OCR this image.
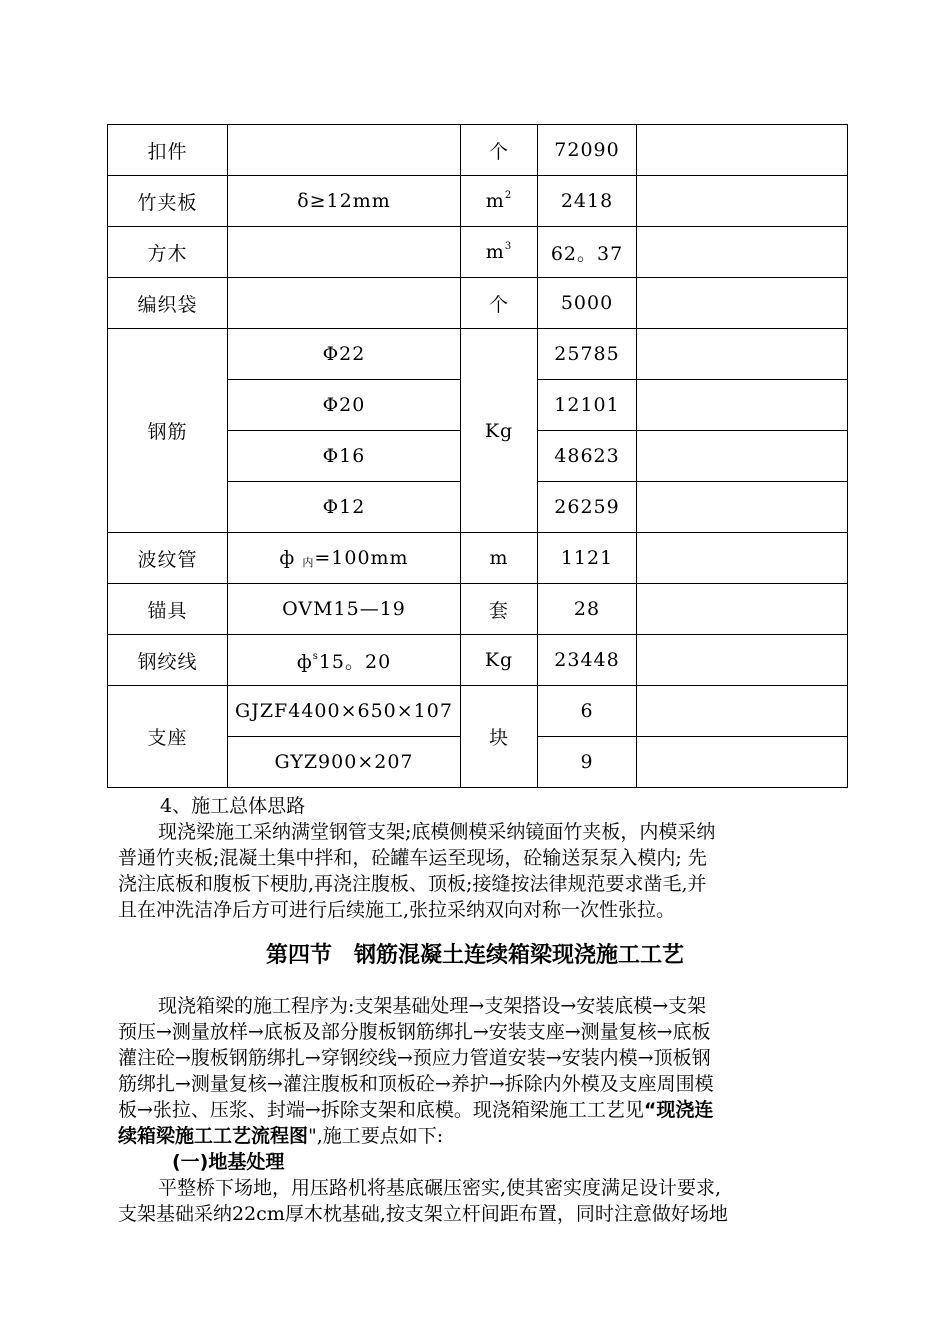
扣件		个	72090	
竹夹板	δ≥12mm	$m^2$	2418	
方木		$m^3$	62。37	
编织袋		个	5000	
钢筋	Φ22	Kg	25785	
	Φ20		12101	
	Φ16		48623	
	Φ12		26259	
波纹管	ф 内=100mm	m	1121	
锚具	OVM15—19	套	28	
钢绞线	$ф^s15$。20	Kg	23448	
支座	GJZF4400×650×107	块	6	
	GYZ900×207		9	
4、施工总体思路
现浇梁施工采纳满堂钢管支架;底模侧模采纳镜面竹夹板，内模采纳
普通竹夹板;混凝土集中拌和，砼罐车运至现场，砼输送泵泵入模内; 先
浇注底板和腹板下梗肋,再浇注腹板、顶板;接缝按法律规范要求凿毛,并
且在冲洗洁净后方可进行后续施工,张拉采纳双向对称一次性张拉。
第四节　钢筋混凝土连续箱梁现浇施工工艺
现浇箱梁的施工程序为:支架基础处理→支架搭设→安装底模→支架
预压→测量放样→底板及部分腹板钢筋绑扎→安装支座→测量复核→底板
灌注砼→腹板钢筋绑扎→穿钢绞线→预应力管道安装→安装内模→顶板钢
筋绑扎→测量复核→灌注腹板和顶板砼→养护→拆除内外模及支座周围模
板→张拉、压浆、封端→拆除支架和底模。现浇箱梁施工工艺见“现浇连
续箱梁施工工艺流程图",施工要点如下:
(一)地基处理
平整桥下场地，用压路机将基底碾压密实,使其密实度满足设计要求,
支架基础采纳22cm厚木枕基础,按支架立杆间距布置，同时注意做好场地
